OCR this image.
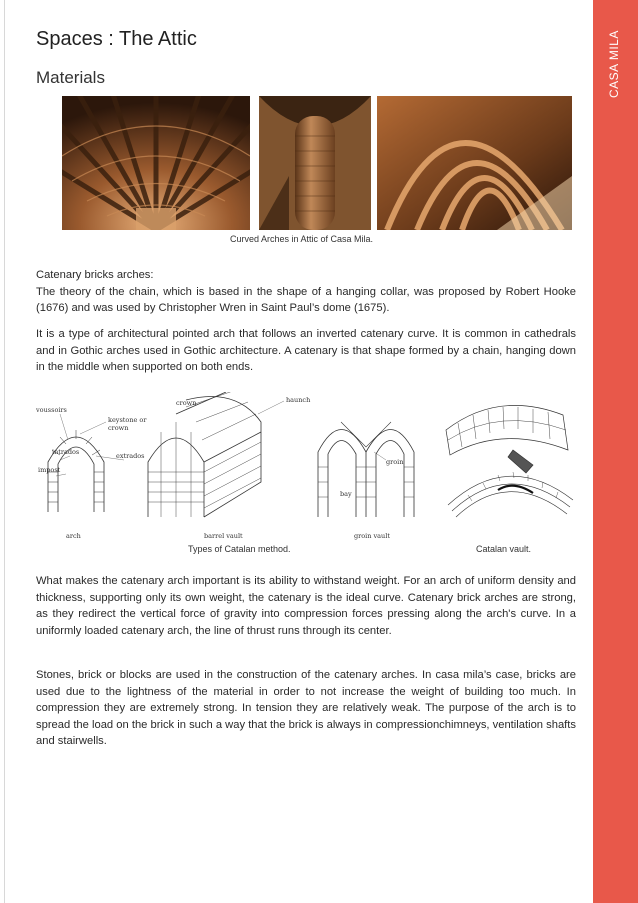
CASA MILA
Spaces : The Attic
Materials
Curved Arches in Attic of Casa Mila.

Catenary bricks arches:

The theory of the chain, which is based in the shape of a hanging collar, was proposed by Robert Hooke (1676) and was used by Christopher Wren in Saint Paul’s dome (1675).

It is a type of architectural pointed arch that follows an inverted catenary curve. It is common in cathedrals and in Gothic arches used in Gothic architecture. A catenary is that shape formed by a chain, hanging down in the middle when supported on both ends.

voussoirs
keystone or
crown
intrados	extrados
impost
arch
crown	haunch
barrel vault
groin
bay
groin vault
Types of Catalan method.	Catalan vault.

What makes the catenary arch important is its ability to withstand weight. For an arch of uniform density and thickness, supporting only its own weight, the catenary is the ideal curve. Catenary brick arches are strong, as they redirect the vertical force of gravity into compression forces pressing along the arch's curve. In a uniformly loaded catenary arch, the line of thrust runs through its center.

Stones, brick or blocks are used in the construction of the catenary arches. In casa mila’s case, bricks are used due to the lightness of the material in order to not increase the weight of building too much. In compression they are extremely strong. In tension they are relatively weak. The purpose of the arch is to spread the load on the brick in such a way that the brick is always in compressionchimneys, ventilation shafts and stairwells.
